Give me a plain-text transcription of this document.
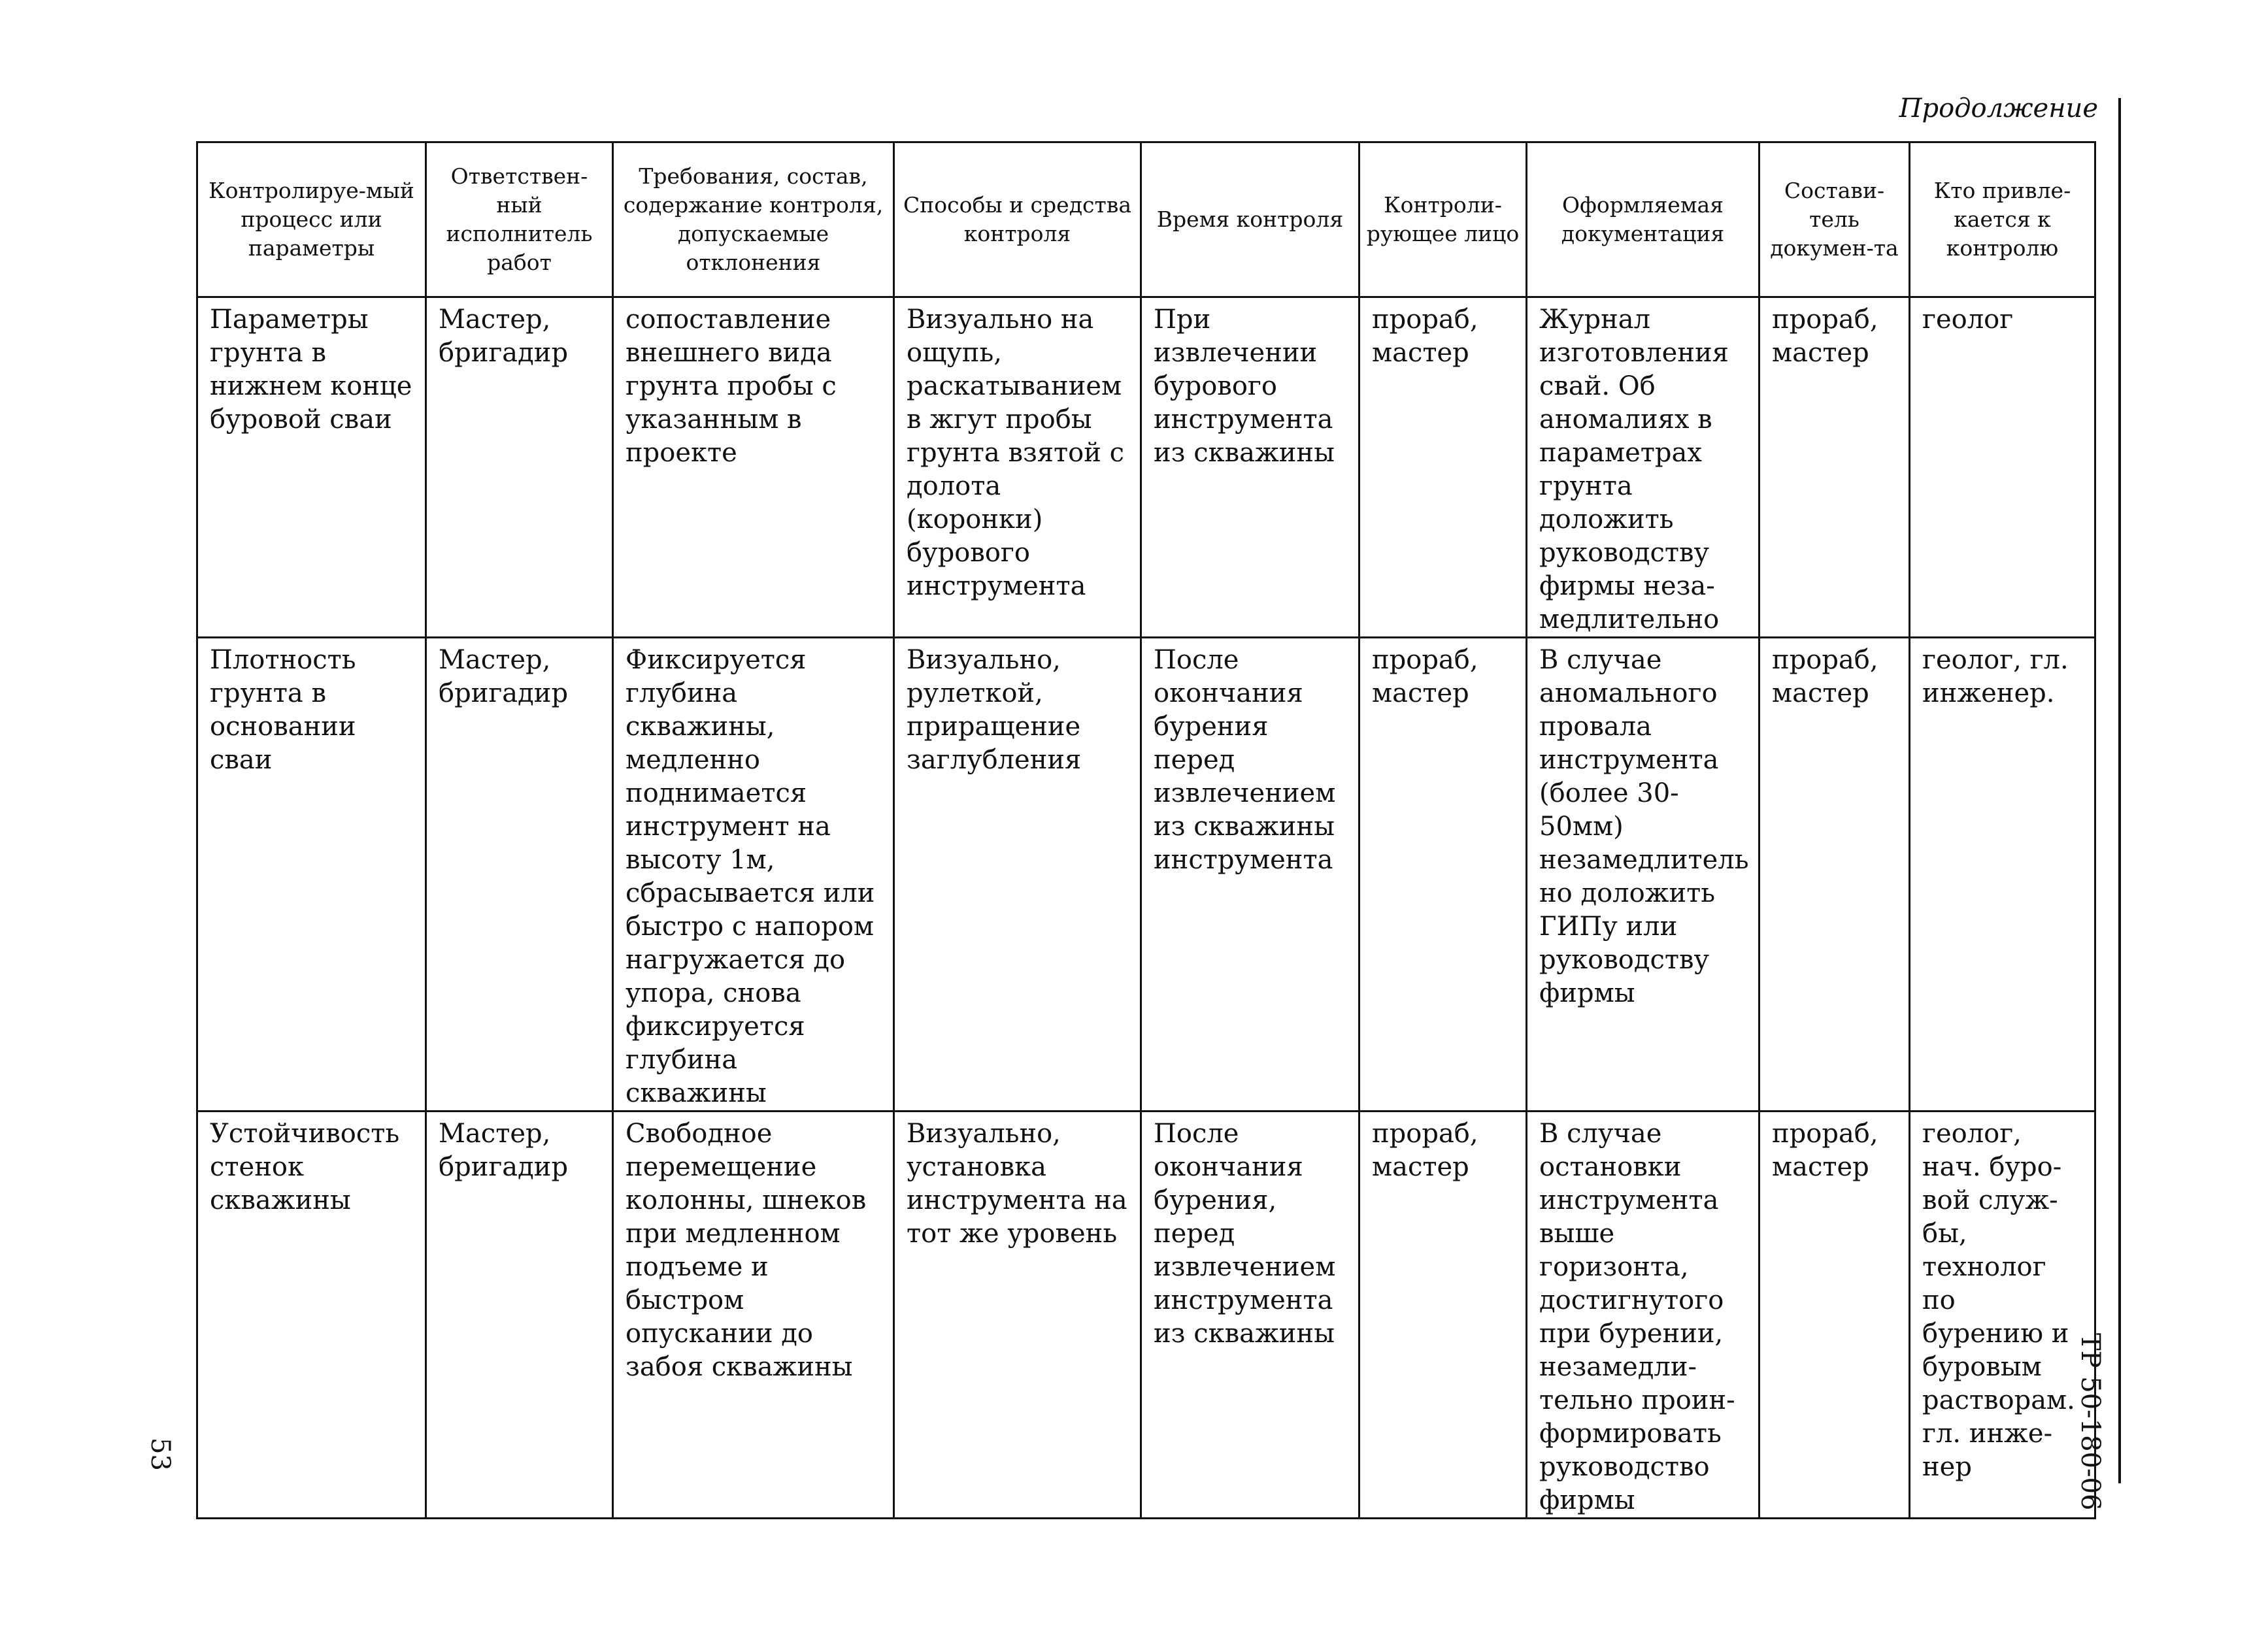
Продолжение
ТР 50-180-06
53
Контролируе-мый процесс или параметры	Ответствен-ный исполнитель работ	Требования, состав, содержание контроля, допускаемые отклонения	Способы и средства контроля	Время контроля	Контроли-рующее лицо	Оформляемая документация	Состави-тель докумен-та	Кто привле-кается к контролю
Параметры грунта в нижнем конце буровой сваи	Мастер, бригадир	сопоставление внешнего вида грунта пробы с указанным в проекте	Визуально на ощупь, раскатыванием в жгут пробы грунта взятой с долота (коронки) бурового инструмента	При извлечении бурового инструмента из скважины	прораб, мастер	Журнал изготовления свай. Об аномалиях в параметрах грунта доложить руководству фирмы неза-медлительно	прораб, мастер	геолог
Плотность грунта в основании сваи	Мастер, бригадир	Фиксируется глубина скважины, медленно поднимается инструмент на высоту 1м, сбрасывается или быстро с напором нагружается до упора, снова фиксируется глубина скважины	Визуально, рулеткой, приращение заглубления	После окончания бурения перед извлечением из скважины инструмента	прораб, мастер	В случае аномального провала инструмента (более 30-50мм) незамедлитель но доложить ГИПу или руководству фирмы	прораб, мастер	геолог, гл. инженер.
Устойчивость стенок скважины	Мастер, бригадир	Свободное перемещение колонны, шнеков при медленном подъеме и быстром опускании до забоя скважины	Визуально, установка инструмента на тот же уровень	После окончания бурения, перед извлечением инструмента из скважины	прораб, мастер	В случае остановки инструмента выше горизонта, достигнутого при бурении, незамедли-тельно проин-формировать руководство фирмы	прораб, мастер	геолог, нач. буро-вой служ-бы, технолог по бурению и буровым растворам. гл. инже-нер
